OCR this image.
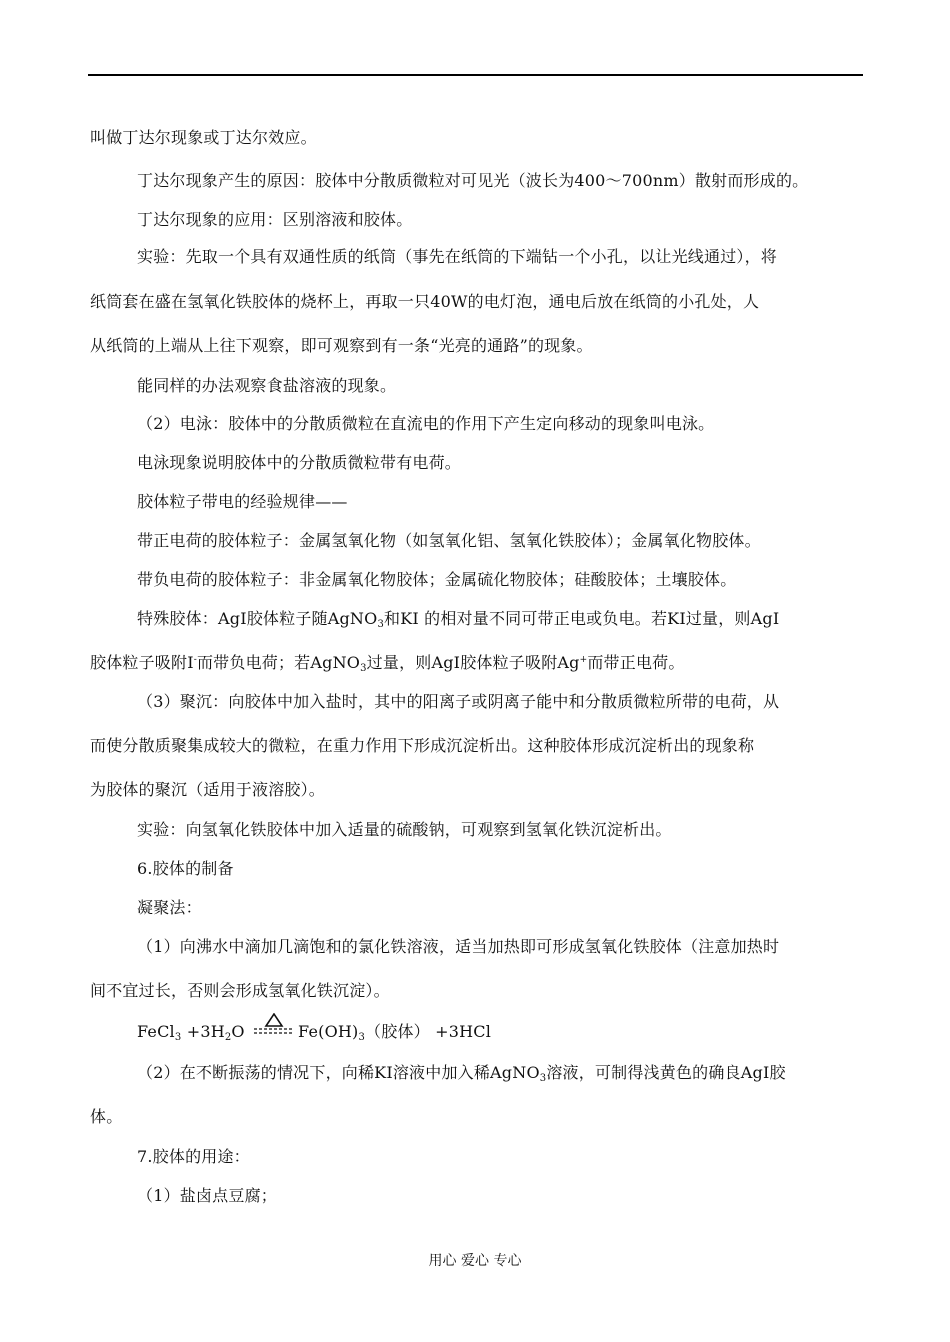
叫做丁达尔现象或丁达尔效应。
丁达尔现象产生的原因：胶体中分散质微粒对可见光（波长为400～700nm）散射而形成的。
丁达尔现象的应用：区别溶液和胶体。
实验：先取一个具有双通性质的纸筒（事先在纸筒的下端钻一个小孔，以让光线通过），将
纸筒套在盛在氢氧化铁胶体的烧杯上，再取一只40W的电灯泡，通电后放在纸筒的小孔处，人
从纸筒的上端从上往下观察，即可观察到有一条“光亮的通路”的现象。
能同样的办法观察食盐溶液的现象。
（2）电泳：胶体中的分散质微粒在直流电的作用下产生定向移动的现象叫电泳。
电泳现象说明胶体中的分散质微粒带有电荷。
胶体粒子带电的经验规律——
带正电荷的胶体粒子：金属氢氧化物（如氢氧化铝、氢氧化铁胶体）；金属氧化物胶体。
带负电荷的胶体粒子：非金属氧化物胶体；金属硫化物胶体；硅酸胶体；土壤胶体。
特殊胶体：AgI胶体粒子随AgNO$_3$和KI 的相对量不同可带正电或负电。若KI过量，则AgI
胶体粒子吸附I-而带负电荷；若AgNO$_3$过量，则AgI胶体粒子吸附Ag+而带正电荷。
（3）聚沉：向胶体中加入盐时，其中的阳离子或阴离子能中和分散质微粒所带的电荷，从
而使分散质聚集成较大的微粒，在重力作用下形成沉淀析出。这种胶体形成沉淀析出的现象称
为胶体的聚沉（适用于液溶胶）。
实验：向氢氧化铁胶体中加入适量的硫酸钠，可观察到氢氧化铁沉淀析出。
6.胶体的制备
凝聚法：
（1）向沸水中滴加几滴饱和的氯化铁溶液，适当加热即可形成氢氧化铁胶体（注意加热时
间不宜过长，否则会形成氢氧化铁沉淀）。
FeCl$_3$ $+3H_2O$	$Fe(OH)_3$（胶体） +3HCl
（2）在不断振荡的情况下，向稀KI溶液中加入稀AgNO$_3$溶液，可制得浅黄色的确良AgI胶
体。
7.胶体的用途：
（1）盐卤点豆腐；
用心 爱心 专心
